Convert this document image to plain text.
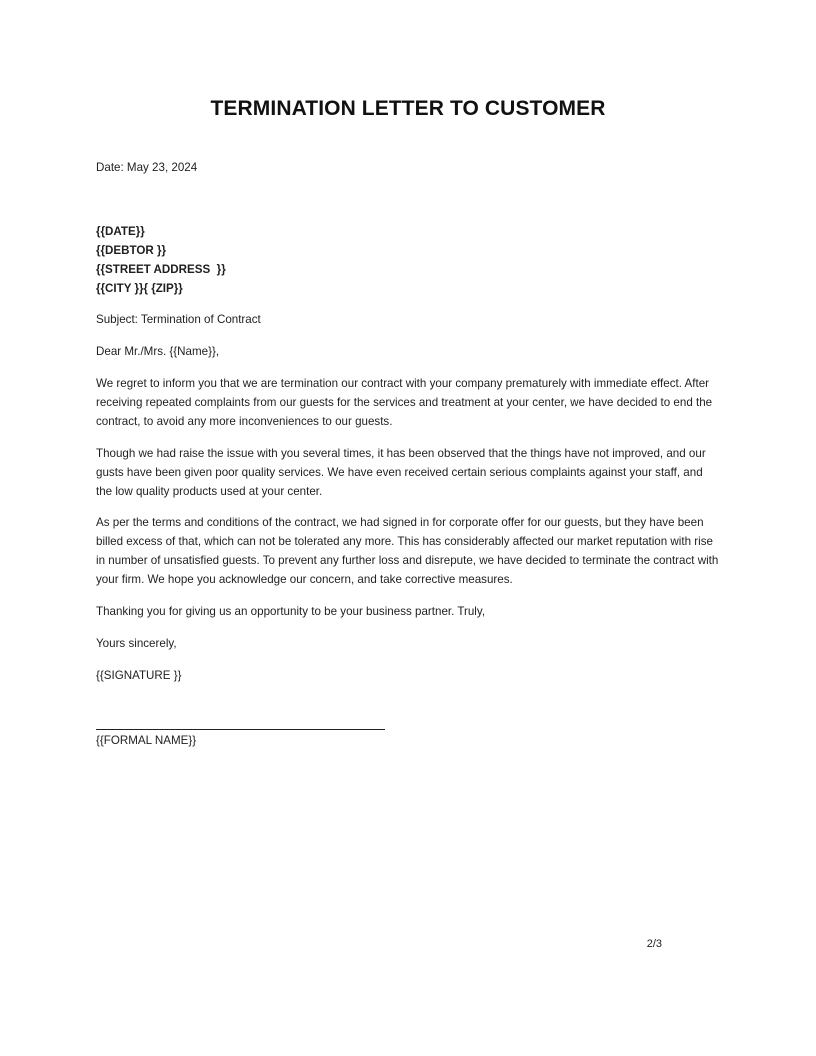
TERMINATION LETTER TO CUSTOMER
Date: May 23, 2024
{{DATE}}
{{DEBTOR }}
{{STREET ADDRESS  }}
{{CITY }}{ {ZIP}}
Subject: Termination of Contract
Dear Mr./Mrs. {{Name}},

We regret to inform you that we are termination our contract with your company prematurely with immediate effect. After receiving repeated complaints from our guests for the services and treatment at your center, we have decided to end the contract, to avoid any more inconveniences to our guests.

Though we had raise the issue with you several times, it has been observed that the things have not improved, and our gusts have been given poor quality services. We have even received certain serious complaints against your staff, and the low quality products used at your center.

As per the terms and conditions of the contract, we had signed in for corporate offer for our guests, but they have been billed excess of that, which can not be tolerated any more. This has considerably affected our market reputation with rise in number of unsatisfied guests. To prevent any further loss and disrepute, we have decided to terminate the contract with your firm. We hope you acknowledge our concern, and take corrective measures.

Thanking you for giving us an opportunity to be your business partner. Truly,
Yours sincerely,
{{SIGNATURE }}
{{FORMAL NAME}}
2/3
